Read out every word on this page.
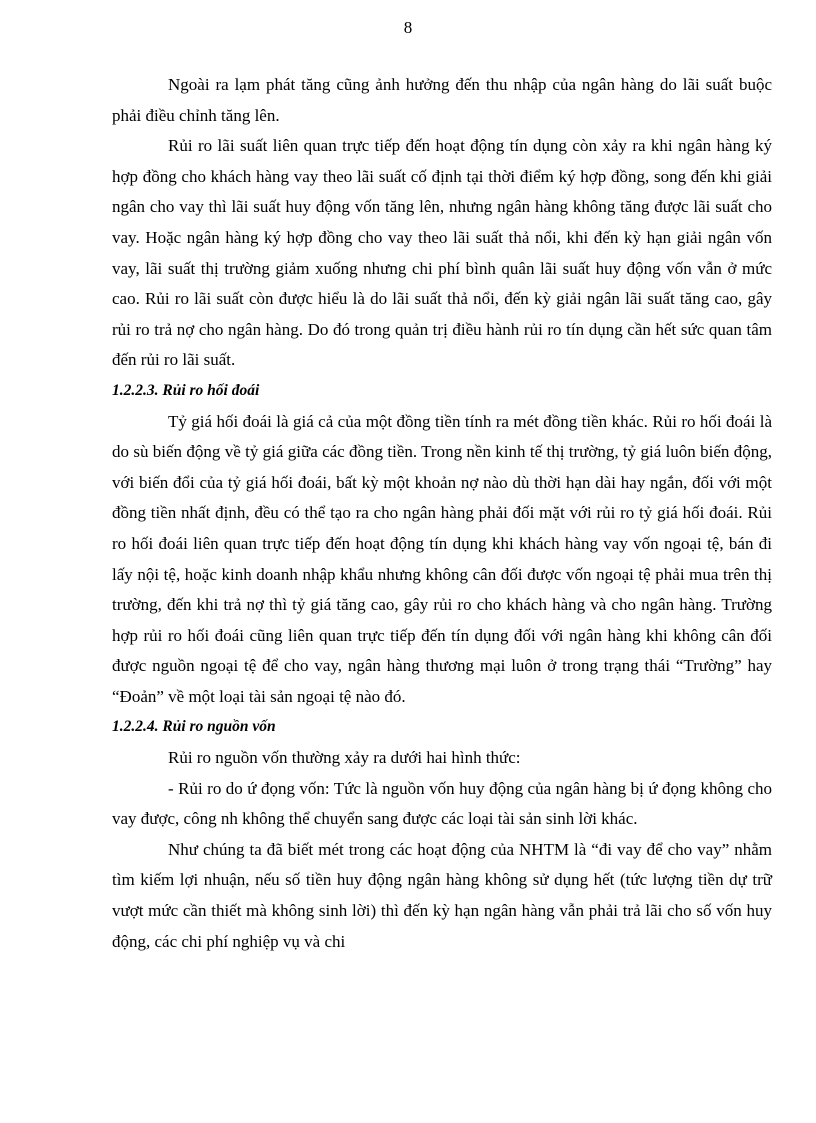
8

Ngoài ra lạm phát tăng cũng ảnh hưởng đến thu nhập của ngân hàng do lãi suất buộc phải điều chỉnh tăng lên.

Rủi ro lãi suất liên quan trực tiếp đến hoạt động tín dụng còn xảy ra khi ngân hàng ký hợp đồng cho khách hàng vay theo lãi suất cố định tại thời điểm ký hợp đồng, song đến khi giải ngân cho vay thì lãi suất huy động vốn tăng lên, nhưng ngân hàng không tăng được lãi suất cho vay. Hoặc ngân hàng ký hợp đồng cho vay theo lãi suất thả nổi, khi đến kỳ hạn giải ngân vốn vay, lãi suất thị trường giảm xuống nhưng chi phí bình quân lãi suất huy động vốn vẫn ở mức cao. Rủi ro lãi suất còn được hiểu là do lãi suất thả nổi, đến kỳ giải ngân lãi suất tăng cao, gây rủi ro trả nợ cho ngân hàng. Do đó trong quản trị điều hành rủi ro tín dụng cần hết sức quan tâm đến rủi ro lãi suất.

1.2.2.3. Rủi ro hối đoái

Tỷ giá hối đoái là giá cả của một đồng tiền tính ra mét đồng tiền khác. Rủi ro hối đoái là do sù biến động về tỷ giá giữa các đồng tiền. Trong nền kinh tế thị trường, tỷ giá luôn biến động, với biến đổi của tỷ giá hối đoái, bất kỳ một khoản nợ nào dù thời hạn dài hay ngắn, đối với một đồng tiền nhất định, đều có thể tạo ra cho ngân hàng phải đối mặt với rủi ro tỷ giá hối đoái. Rủi ro hối đoái liên quan trực tiếp đến hoạt động tín dụng khi khách hàng vay vốn ngoại tệ, bán đi lấy nội tệ, hoặc kinh doanh nhập khẩu nhưng không cân đối được vốn ngoại tệ phải mua trên thị trường, đến khi trả nợ thì tỷ giá tăng cao, gây rủi ro cho khách hàng và cho ngân hàng. Trường hợp rủi ro hối đoái cũng liên quan trực tiếp đến tín dụng đối với ngân hàng khi không cân đối được nguồn ngoại tệ để cho vay, ngân hàng thương mại luôn ở trong trạng thái “Trường” hay “Đoản” về một loại tài sản ngoại tệ nào đó.

1.2.2.4. Rủi ro nguồn vốn

Rủi ro nguồn vốn thường xảy ra dưới hai hình thức:

- Rủi ro do ứ đọng vốn: Tức là nguồn vốn huy động của ngân hàng bị ứ đọng không cho vay được, công nh không thể chuyển sang được các loại tài sản sinh lời khác.

Như chúng ta đã biết mét trong các hoạt động của NHTM là “đi vay để cho vay” nhằm tìm kiếm lợi nhuận, nếu số tiền huy động ngân hàng không sử dụng hết (tức lượng tiền dự trữ vượt mức cần thiết mà không sinh lời) thì đến kỳ hạn ngân hàng vẫn phải trả lãi cho số vốn huy động, các chi phí nghiệp vụ và chi
